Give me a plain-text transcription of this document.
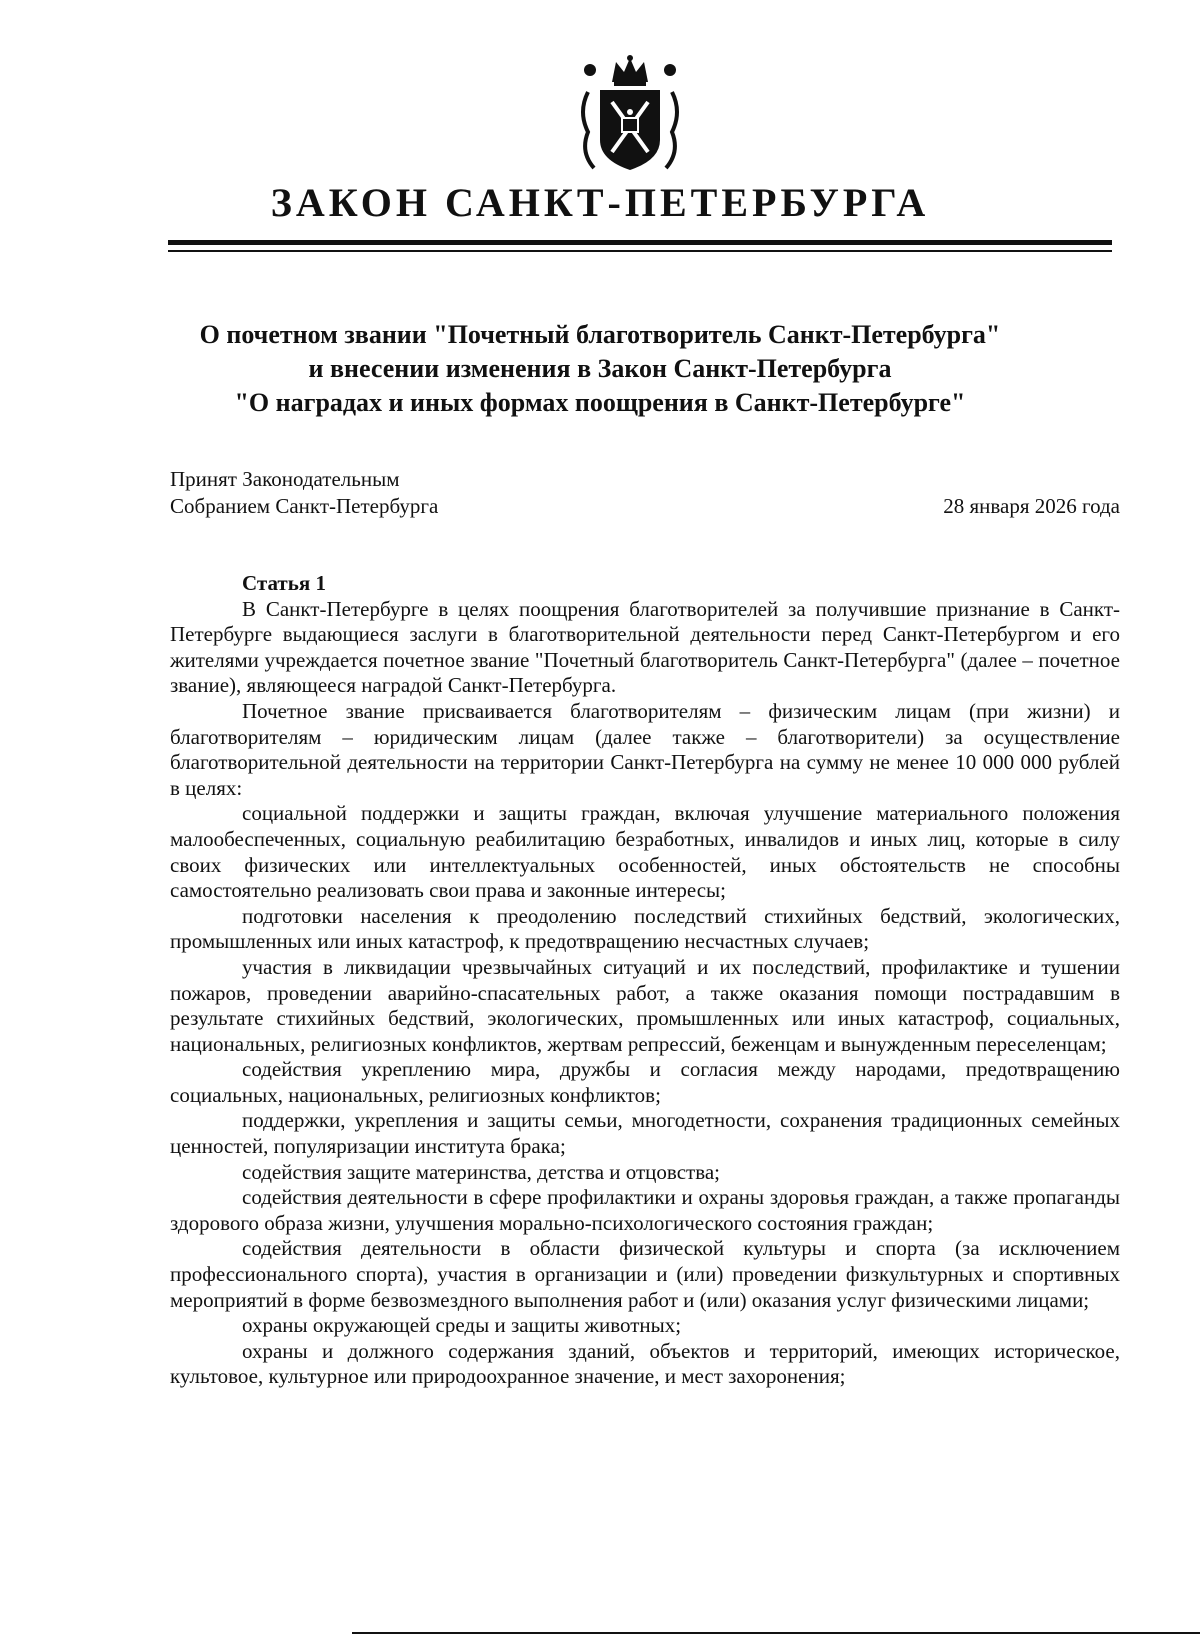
ЗАКОН САНКТ-ПЕТЕРБУРГА
О почетном звании "Почетный благотворитель Санкт-Петербурга"
и внесении изменения в Закон Санкт-Петербурга
"О наградах и иных формах поощрения в Санкт-Петербурге"
Принят Законодательным
Собранием Санкт-Петербурга	28 января 2026 года

Статья 1

В Санкт-Петербурге в целях поощрения благотворителей за получившие признание в Санкт-Петербурге выдающиеся заслуги в благотворительной деятельности перед Санкт-Петербургом и его жителями учреждается почетное звание "Почетный благотворитель Санкт-Петербурга" (далее – почетное звание), являющееся наградой Санкт-Петербурга.

Почетное звание присваивается благотворителям – физическим лицам (при жизни) и благотворителям – юридическим лицам (далее также – благотворители) за осуществление благотворительной деятельности на территории Санкт-Петербурга на сумму не менее 10 000 000 рублей в целях:

социальной поддержки и защиты граждан, включая улучшение материального положения малообеспеченных, социальную реабилитацию безработных, инвалидов и иных лиц, которые в силу своих физических или интеллектуальных особенностей, иных обстоятельств не способны самостоятельно реализовать свои права и законные интересы;

подготовки населения к преодолению последствий стихийных бедствий, экологических, промышленных или иных катастроф, к предотвращению несчастных случаев;

участия в ликвидации чрезвычайных ситуаций и их последствий, профилактике и тушении пожаров, проведении аварийно-спасательных работ, а также оказания помощи пострадавшим в результате стихийных бедствий, экологических, промышленных или иных катастроф, социальных, национальных, религиозных конфликтов, жертвам репрессий, беженцам и вынужденным переселенцам;

содействия укреплению мира, дружбы и согласия между народами, предотвращению социальных, национальных, религиозных конфликтов;

поддержки, укрепления и защиты семьи, многодетности, сохранения традиционных семейных ценностей, популяризации института брака;

содействия защите материнства, детства и отцовства;

содействия деятельности в сфере профилактики и охраны здоровья граждан, а также пропаганды здорового образа жизни, улучшения морально-психологического состояния граждан;

содействия деятельности в области физической культуры и спорта (за исключением профессионального спорта), участия в организации и (или) проведении физкультурных и спортивных мероприятий в форме безвозмездного выполнения работ и (или) оказания услуг физическими лицами;

охраны окружающей среды и защиты животных;

охраны и должного содержания зданий, объектов и территорий, имеющих историческое, культовое, культурное или природоохранное значение, и мест захоронения;
